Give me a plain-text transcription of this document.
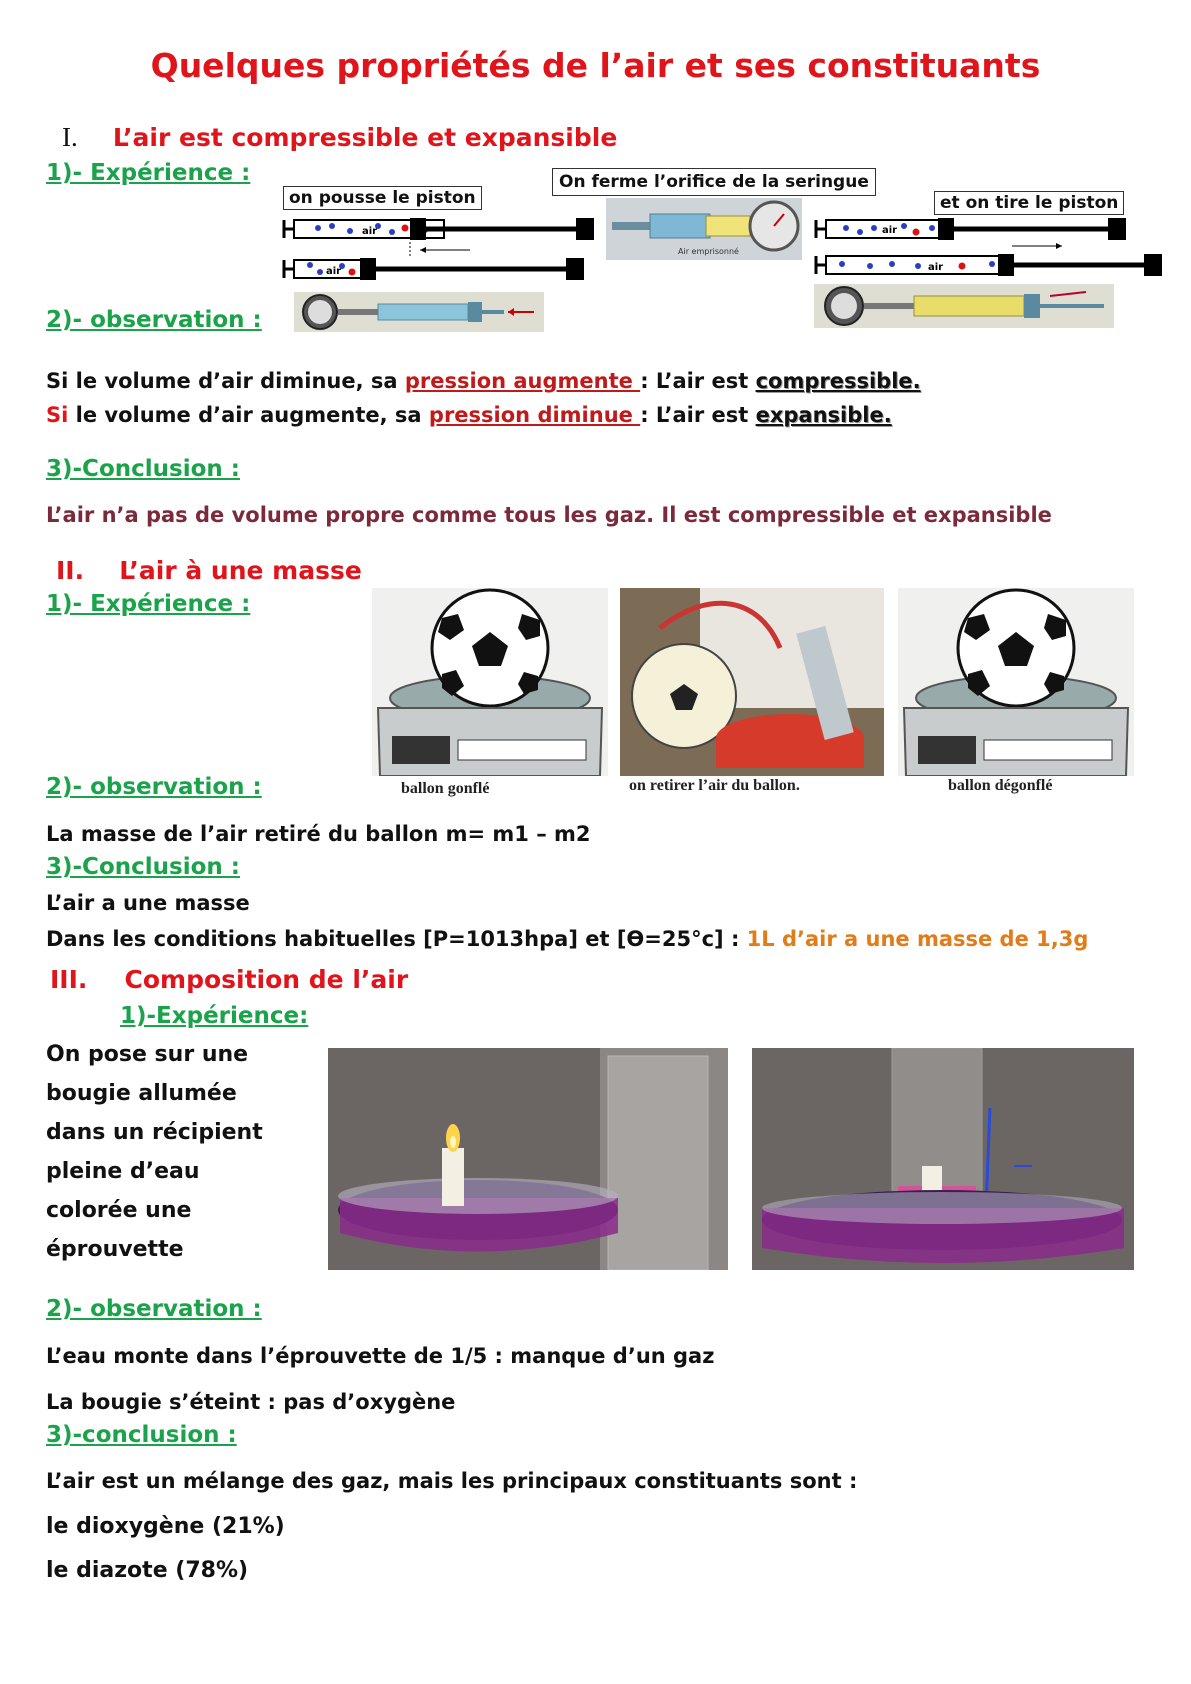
Quelques propriétés de l’air et ses constituants
I. L’air est compressible et expansible
1)- Expérience :
on pousse le piston
On ferme l’orifice de la seringue
et on tire le piston
air
air
Air emprisonné
air
air
2)- observation :
Si le volume d’air diminue, sa pression augmente : L’air est compressible.
Si le volume d’air augmente, sa pression diminue : L’air est expansible.
3)-Conclusion :
L’air n’a pas de volume propre comme tous les gaz. Il est compressible et expansible
II. L’air à une masse
1)- Expérience :
2)- observation :	ballon gonflé	on retirer l’air du ballon.	ballon dégonflé
La masse de l’air retiré du ballon m= m1 – m2
3)-Conclusion :
L’air a une masse
Dans les conditions habituelles [P=1013hpa] et [Ɵ=25°c] : 1L d’air a une masse de 1,3g
III. Composition de l’air
1)-Expérience:
On pose sur une
bougie allumée
dans un récipient
pleine d’eau
colorée une
éprouvette
2)- observation :
L’eau monte dans l’éprouvette de 1/5 : manque d’un gaz
La bougie s’éteint : pas d’oxygène
3)-conclusion :
L’air est un mélange des gaz, mais les principaux constituants sont :
le dioxygène (21%)
le diazote (78%)
